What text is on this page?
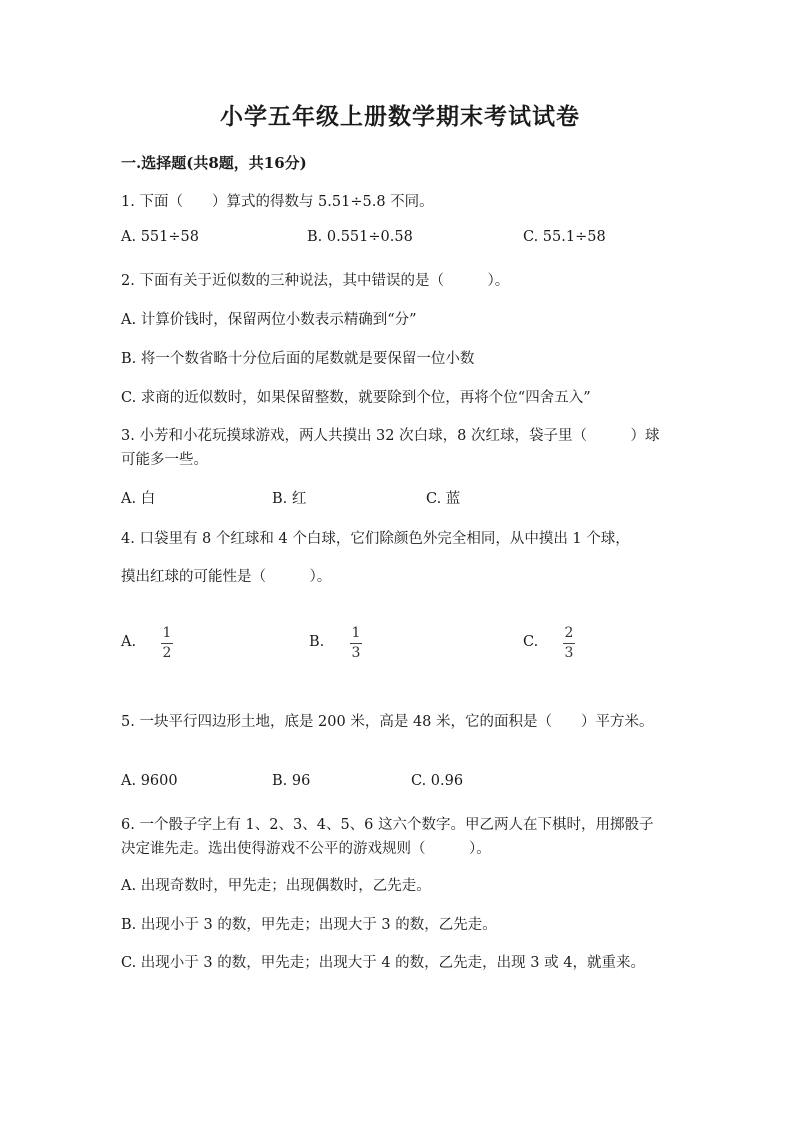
小学五年级上册数学期末考试试卷
一.选择题(共8题，共16分)
1. 下面（　　）算式的得数与 5.51÷5.8 不同。
A. 551÷58	B. 0.551÷0.58	C. 55.1÷58
2. 下面有关于近似数的三种说法，其中错误的是（　　　）。
A. 计算价钱时，保留两位小数表示精确到“分”
B. 将一个数省略十分位后面的尾数就是要保留一位小数
C. 求商的近似数时，如果保留整数，就要除到个位，再将个位“四舍五入”
3. 小芳和小花玩摸球游戏，两人共摸出 32 次白球，8 次红球，袋子里（　　　）球可能多一些。
A. 白	B. 红	C. 蓝
4. 口袋里有 8 个红球和 4 个白球，它们除颜色外完全相同，从中摸出 1 个球，
摸出红球的可能性是（　　　）。
A.
1
2
B.
1
3
C.
2
3
5. 一块平行四边形土地，底是 200 米，高是 48 米，它的面积是（　　）平方米。
A. 9600	B. 96	C. 0.96
6. 一个骰子字上有 1、2、3、4、5、6 这六个数字。甲乙两人在下棋时，用掷骰子决定谁先走。选出使得游戏不公平的游戏规则（　　　）。
A. 出现奇数时，甲先走；出现偶数时，乙先走。
B. 出现小于 3 的数，甲先走；出现大于 3 的数，乙先走。
C. 出现小于 3 的数，甲先走；出现大于 4 的数，乙先走，出现 3 或 4，就重来。
